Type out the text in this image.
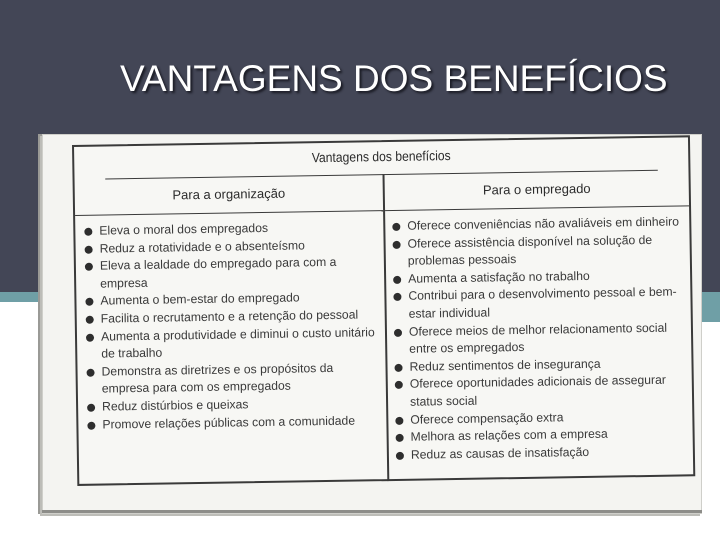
VANTAGENS DOS BENEFÍCIOS
Vantagens dos benefícios
Para a organização	Para o empregado
Eleva o moral dos empregados
Reduz a rotatividade e o absenteísmo
Eleva a lealdade do empregado para com a empresa
Aumenta o bem-estar do empregado
Facilita o recrutamento e a retenção do pessoal
Aumenta a produtividade e diminui o custo unitário de trabalho
Demonstra as diretrizes e os propósitos da empresa para com os empregados
Reduz distúrbios e queixas
Promove relações públicas com a comunidade
Oferece conveniências não avaliáveis em dinheiro
Oferece assistência disponível na solução de problemas pessoais
Aumenta a satisfação no trabalho
Contribui para o desenvolvimento pessoal e bem-estar individual
Oferece meios de melhor relacionamento social entre os empregados
Reduz sentimentos de insegurança
Oferece oportunidades adicionais de assegurar status social
Oferece compensação extra
Melhora as relações com a empresa
Reduz as causas de insatisfação
